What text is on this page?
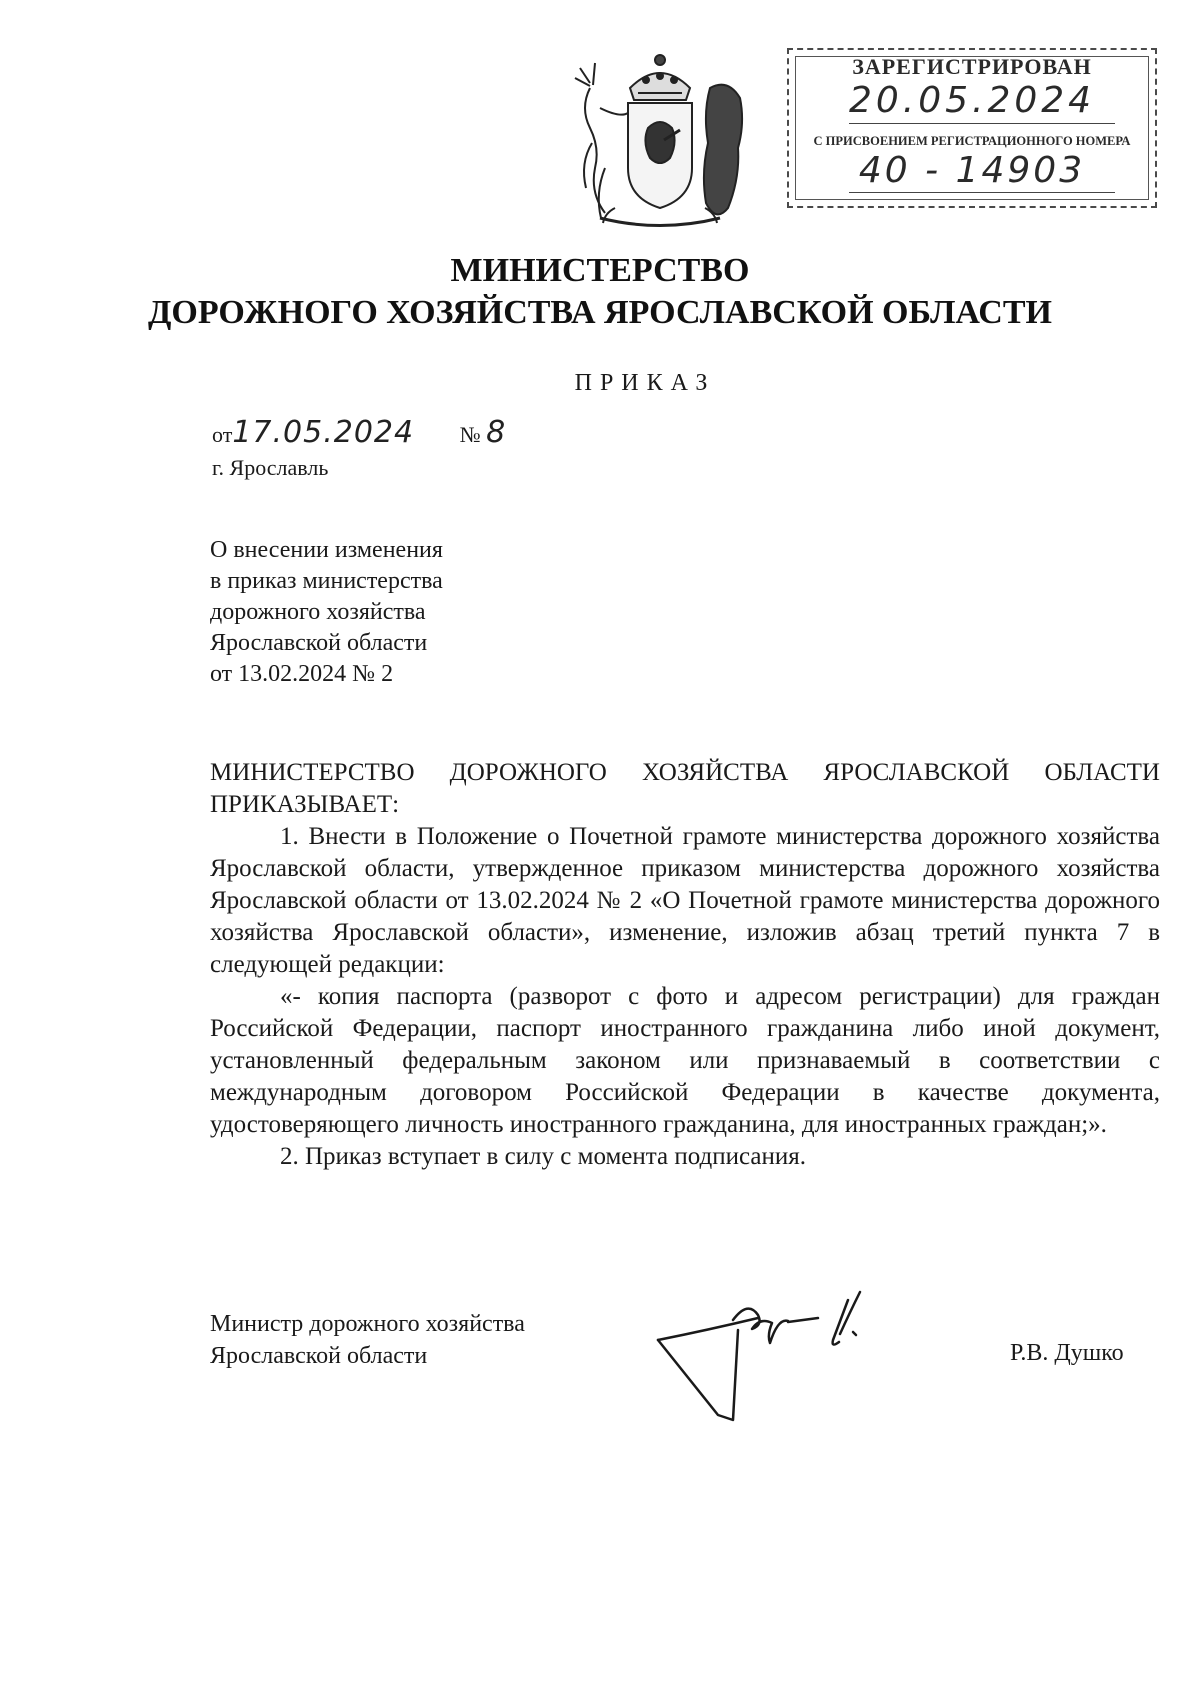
ЗАРЕГИСТРИРОВАН
20.05.2024
С ПРИСВОЕНИЕМ РЕГИСТРАЦИОННОГО НОМЕРА
40 - 14903
МИНИСТЕРСТВО
ДОРОЖНОГО ХОЗЯЙСТВА ЯРОСЛАВСКОЙ ОБЛАСТИ
ПРИКАЗ
от17.05.2024 № 8
г. Ярославль
О внесении изменения
в приказ министерства
дорожного хозяйства
Ярославской области
от 13.02.2024 № 2

МИНИСТЕРСТВО ДОРОЖНОГО ХОЗЯЙСТВА ЯРОСЛАВСКОЙ ОБЛАСТИ ПРИКАЗЫВАЕТ:

1. Внести в Положение о Почетной грамоте министерства дорожного хозяйства Ярославской области, утвержденное приказом министерства дорожного хозяйства Ярославской области от 13.02.2024 № 2 «О Почетной грамоте министерства дорожного хозяйства Ярославской области», изменение, изложив абзац третий пункта 7 в следующей редакции:

«- копия паспорта (разворот с фото и адресом регистрации) для граждан Российской Федерации, паспорт иностранного гражданина либо иной документ, установленный федеральным законом или признаваемый в соответствии с международным договором Российской Федерации в качестве документа, удостоверяющего личность иностранного гражданина, для иностранных граждан;».

2. Приказ вступает в силу с момента подписания.

Министр дорожного хозяйства
Ярославской области	Р.В. Душко
